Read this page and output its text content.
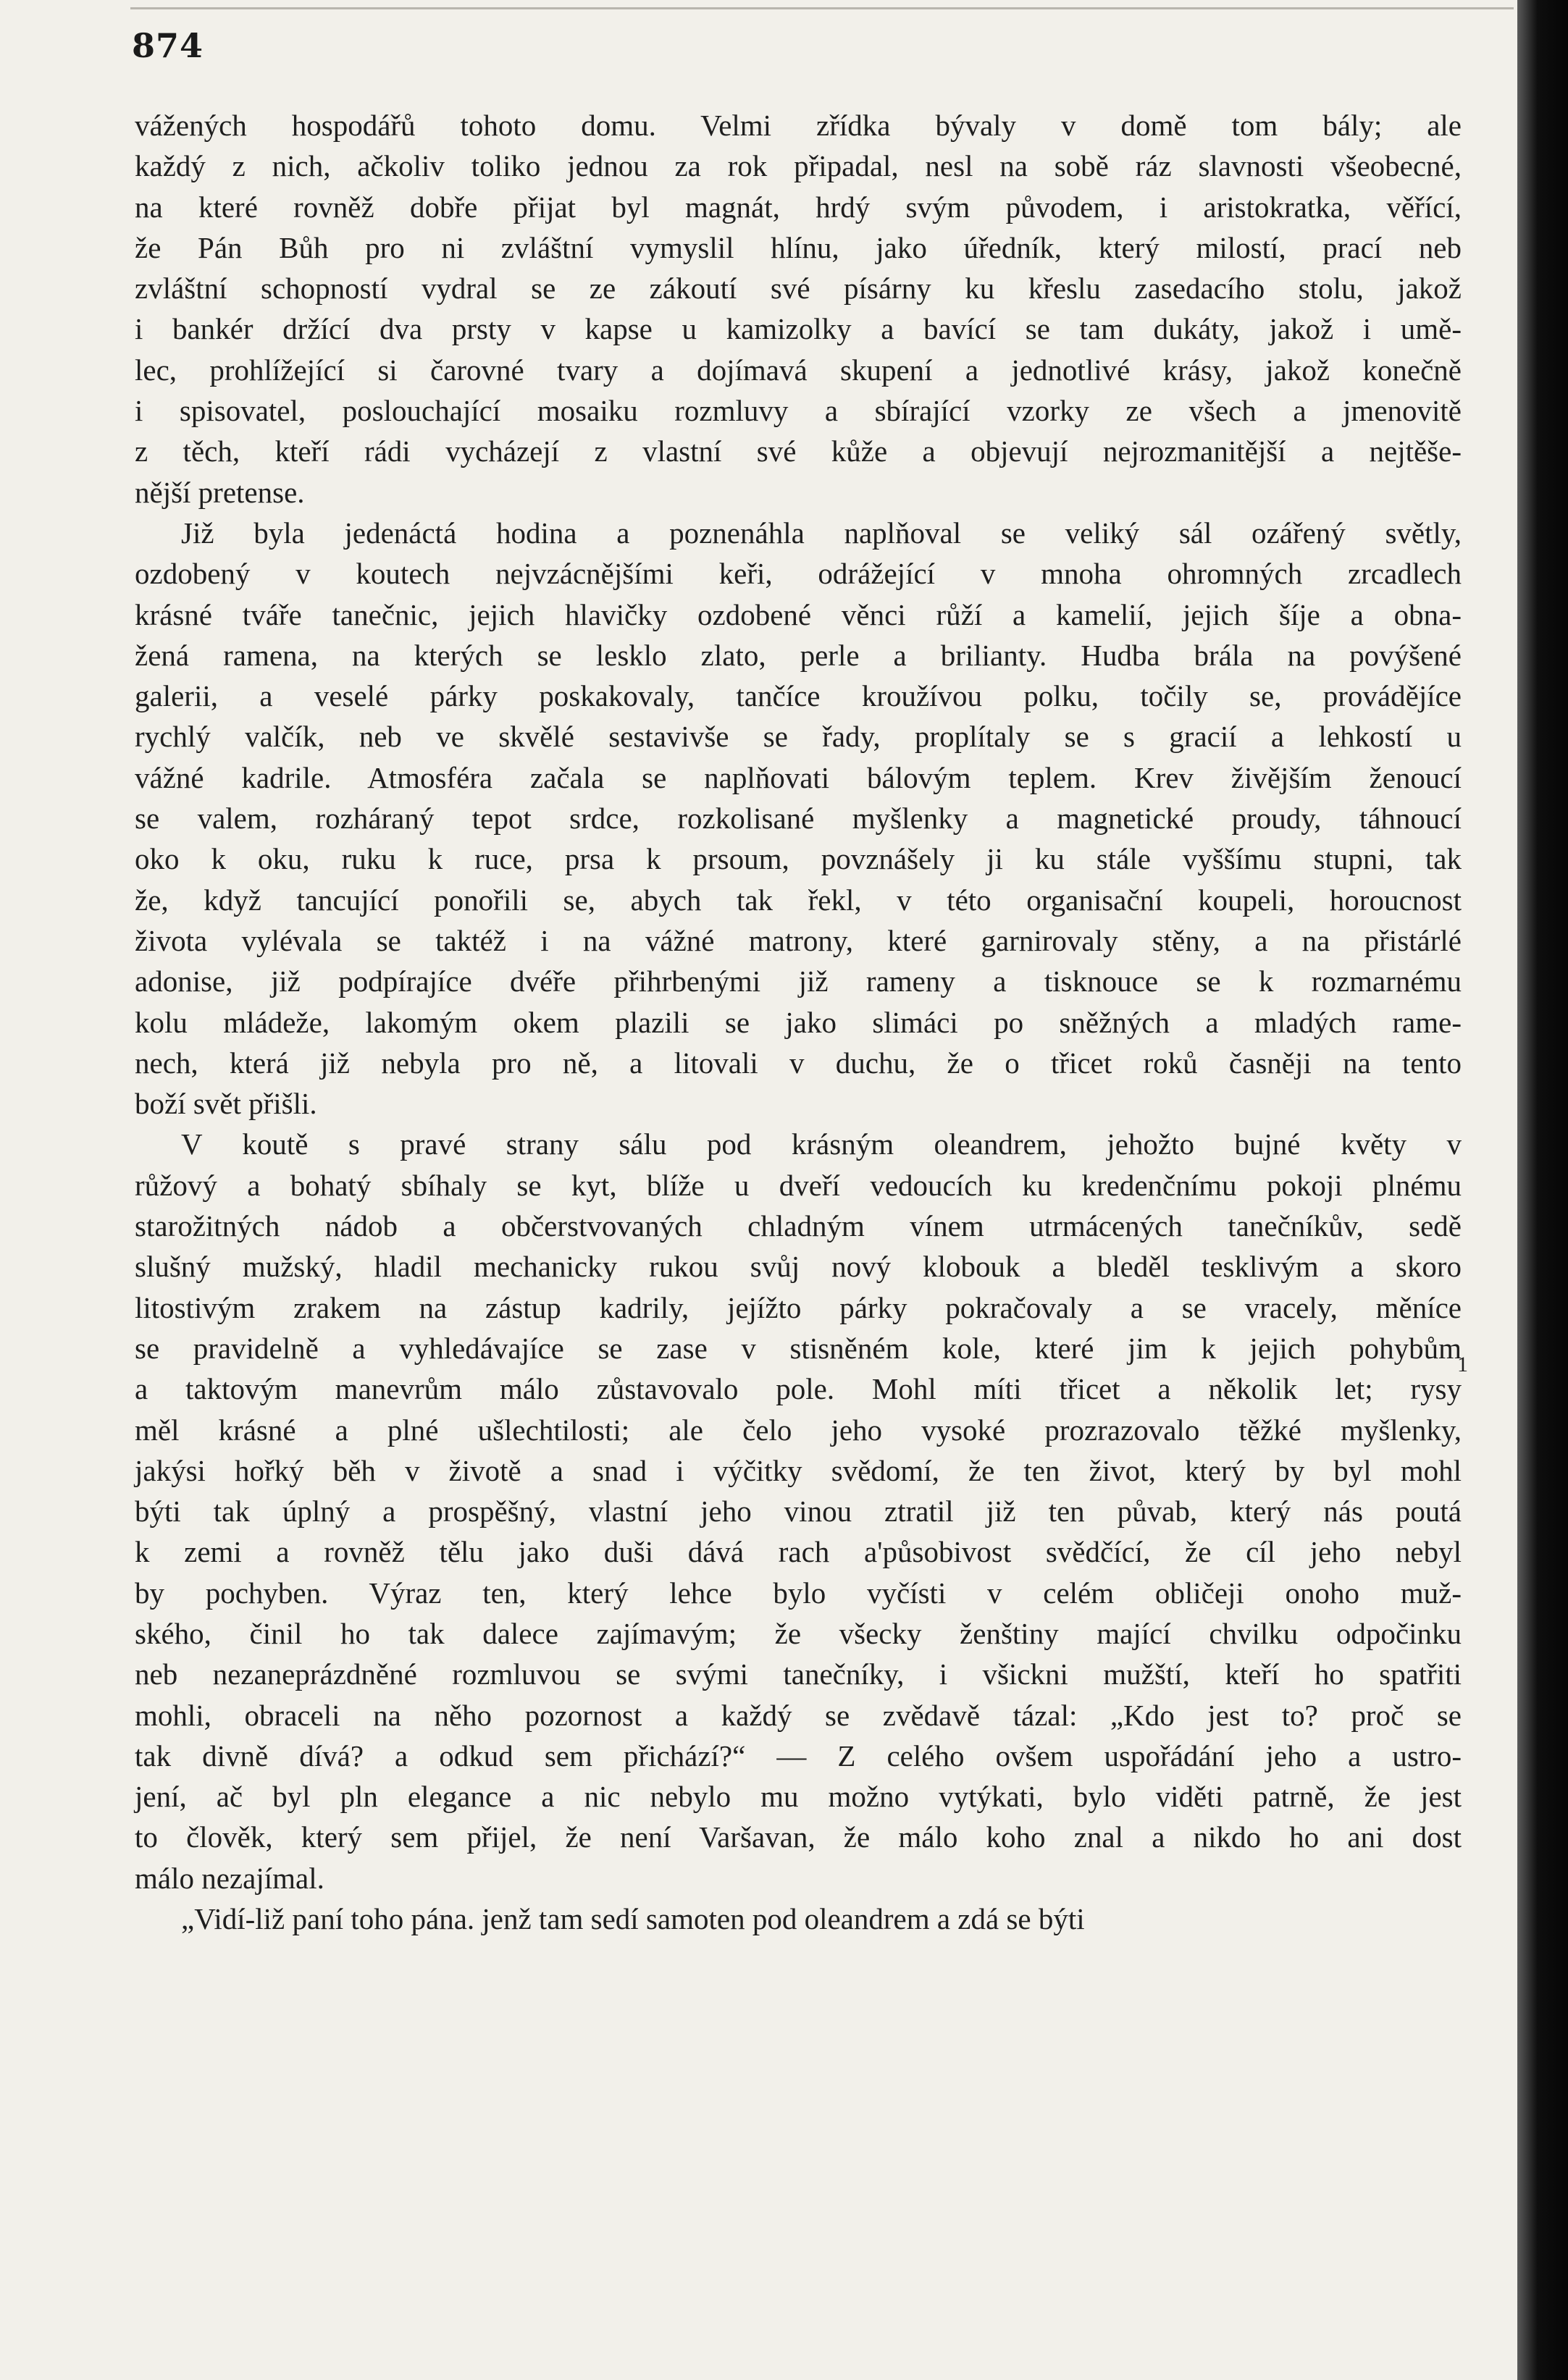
874
vážených hospodářů tohoto domu. Velmi zřídka bývaly v domě tom bály; ale
každý z nich, ačkoliv toliko jednou za rok připadal, nesl na sobě ráz slavnosti všeobecné,
na které rovněž dobře přijat byl magnát, hrdý svým původem, i aristokratka, věřící,
že Pán Bůh pro ni zvláštní vymyslil hlínu, jako úředník, který milostí, prací neb
zvláštní schopností vydral se ze zákoutí své písárny ku křeslu zasedacího stolu, jakož
i bankér držící dva prsty v kapse u kamizolky a bavící se tam dukáty, jakož i umě-
lec, prohlížející si čarovné tvary a dojímavá skupení a jednotlivé krásy, jakož konečně
i spisovatel, poslouchající mosaiku rozmluvy a sbírající vzorky ze všech a jmenovitě
z těch, kteří rádi vycházejí z vlastní své kůže a objevují nejrozmanitější a nejtěše-
nější pretense.
Již byla jedenáctá hodina a poznenáhla naplňoval se veliký sál ozářený světly,
ozdobený v koutech nejvzácnějšími keři, odrážející v mnoha ohromných zrcadlech
krásné tváře tanečnic, jejich hlavičky ozdobené věnci růží a kamelií, jejich šíje a obna-
žená ramena, na kterých se lesklo zlato, perle a brilianty. Hudba brála na povýšené
galerii, a veselé párky poskakovaly, tančíce kroužívou polku, točily se, provádějíce
rychlý valčík, neb ve skvělé sestavivše se řady, proplítaly se s gracií a lehkostí u
vážné kadrile. Atmosféra začala se naplňovati bálovým teplem. Krev živějším ženoucí
se valem, rozháraný tepot srdce, rozkolisané myšlenky a magnetické proudy, táhnoucí
oko k oku, ruku k ruce, prsa k prsoum, povznášely ji ku stále vyššímu stupni, tak
že, když tancující ponořili se, abych tak řekl, v této organisační koupeli, horoucnost
života vylévala se taktéž i na vážné matrony, které garnirovaly stěny, a na přistárlé
adonise, již podpírajíce dvéře přihrbenými již rameny a tisknouce se k rozmarnému
kolu mládeže, lakomým okem plazili se jako slimáci po sněžných a mladých rame-
nech, která již nebyla pro ně, a litovali v duchu, že o třicet roků časněji na tento
boží svět přišli.
V koutě s pravé strany sálu pod krásným oleandrem, jehožto bujné květy v
růžový a bohatý sbíhaly se kyt, blíže u dveří vedoucích ku kredenčnímu pokoji plnému
starožitných nádob a občerstvovaných chladným vínem utrmácených tanečníkův, sedě
slušný mužský, hladil mechanicky rukou svůj nový klobouk a bleděl tesklivým a skoro
litostivým zrakem na zástup kadrily, jejížto párky pokračovaly a se vracely, měníce
se pravidelně a vyhledávajíce se zase v stisněném kole, které jim k jejich pohybům
a taktovým manevrům málo zůstavovalo pole. Mohl míti třicet a několik let; rysy
měl krásné a plné ušlechtilosti; ale čelo jeho vysoké prozrazovalo těžké myšlenky,
jakýsi hořký běh v životě a snad i výčitky svědomí, že ten život, který by byl mohl
býti tak úplný a prospěšný, vlastní jeho vinou ztratil již ten půvab, který nás poutá
k zemi a rovněž tělu jako duši dává rach a'působivost svědčící, že cíl jeho nebyl
by pochyben. Výraz ten, který lehce bylo vyčísti v celém obličeji onoho muž-
ského, činil ho tak dalece zajímavým; že všecky ženštiny mající chvilku odpočinku
neb nezaneprázdněné rozmluvou se svými tanečníky, i všickni mužští, kteří ho spatřiti
mohli, obraceli na něho pozornost a každý se zvědavě tázal: „Kdo jest to? proč se
tak divně dívá? a odkud sem přichází?“ — Z celého ovšem uspořádání jeho a ustro-
jení, ač byl pln elegance a nic nebylo mu možno vytýkati, bylo viděti patrně, že jest
to člověk, který sem přijel, že není Varšavan, že málo koho znal a nikdo ho ani dost
málo nezajímal.
„Vidí-liž paní toho pána. jenž tam sedí samoten pod oleandrem a zdá se býti
1
